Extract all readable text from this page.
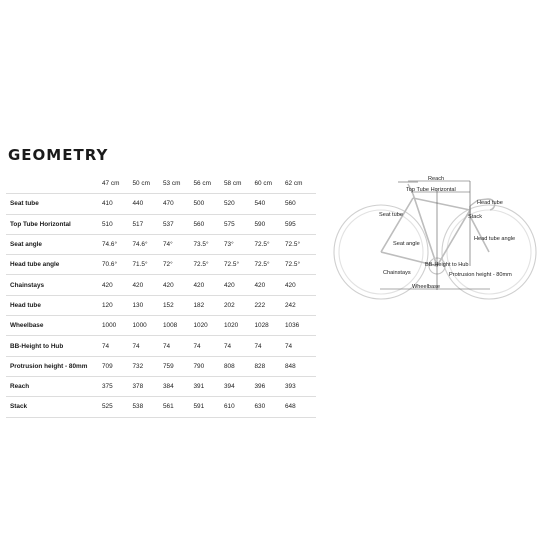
GEOMETRY
	47 cm	50 cm	53 cm	56 cm	58 cm	60 cm	62 cm
Seat tube	410	440	470	500	520	540	560
Top Tube Horizontal	510	517	537	560	575	590	595
Seat angle	74.6°	74.6°	74°	73.5°	73°	72.5°	72.5°
Head tube angle	70.6°	71.5°	72°	72.5°	72.5°	72.5°	72.5°
Chainstays	420	420	420	420	420	420	420
Head tube	120	130	152	182	202	222	242
Wheelbase	1000	1000	1008	1020	1020	1028	1036
BB-Height to Hub	74	74	74	74	74	74	74
Protrusion height - 80mm	709	732	759	790	808	828	848
Reach	375	378	384	391	394	396	393
Stack	525	538	561	591	610	630	648
Reach
Top Tube Horizontal
Seat tube
Head tube
Stack
Head tube angle
Seat angle
Chainstays
BB-Height to Hub
Protrusion height - 80mm
Wheelbase
